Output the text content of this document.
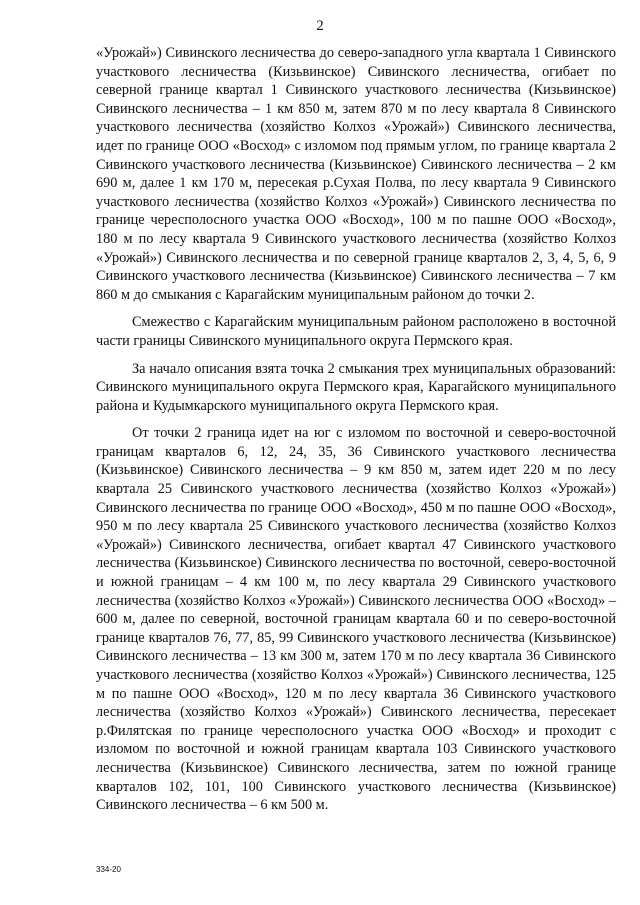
2

«Урожай») Сивинского лесничества до северо-западного угла квартала 1 Сивинского участкового лесничества (Кизьвинское) Сивинского лесничества, огибает по северной границе квартал 1 Сивинского участкового лесничества (Кизьвинское) Сивинского лесничества – 1 км 850 м, затем 870 м по лесу квартала 8 Сивинского участкового лесничества (хозяйство Колхоз «Урожай») Сивинского лесничества, идет по границе ООО «Восход» с изломом под прямым углом, по границе квартала 2 Сивинского участкового лесничества (Кизьвинское) Сивинского лесничества – 2 км 690 м, далее 1 км 170 м, пересекая р.Сухая Полва, по лесу квартала 9 Сивинского участкового лесничества (хозяйство Колхоз «Урожай») Сивинского лесничества по границе чересполосного участка ООО «Восход», 100 м по пашне ООО «Восход», 180 м по лесу квартала 9 Сивинского участкового лесничества (хозяйство Колхоз «Урожай») Сивинского лесничества и по северной границе кварталов 2, 3, 4, 5, 6, 9 Сивинского участкового лесничества (Кизьвинское) Сивинского лесничества – 7 км 860 м до смыкания с Карагайским муниципальным районом до точки 2.

Смежество с Карагайским муниципальным районом расположено в восточной части границы Сивинского муниципального округа Пермского края.

За начало описания взята точка 2 смыкания трех муниципальных образований: Сивинского муниципального округа Пермского края, Карагайского муниципального района и Кудымкарского муниципального округа Пермского края.

От точки 2 граница идет на юг с изломом по восточной и северо-восточной границам кварталов 6, 12, 24, 35, 36 Сивинского участкового лесничества (Кизьвинское) Сивинского лесничества – 9 км 850 м, затем идет 220 м по лесу квартала 25 Сивинского участкового лесничества (хозяйство Колхоз «Урожай») Сивинского лесничества по границе ООО «Восход», 450 м по пашне ООО «Восход», 950 м по лесу квартала 25 Сивинского участкового лесничества (хозяйство Колхоз «Урожай») Сивинского лесничества, огибает квартал 47 Сивинского участкового лесничества (Кизьвинское) Сивинского лесничества по восточной, северо-восточной и южной границам – 4 км 100 м, по лесу квартала 29 Сивинского участкового лесничества (хозяйство Колхоз «Урожай») Сивинского лесничества ООО «Восход» – 600 м, далее по северной, восточной границам квартала 60 и по северо-восточной границе кварталов 76, 77, 85, 99 Сивинского участкового лесничества (Кизьвинское) Сивинского лесничества – 13 км 300 м, затем 170 м по лесу квартала 36 Сивинского участкового лесничества (хозяйство Колхоз «Урожай») Сивинского лесничества, 125 м по пашне ООО «Восход», 120 м по лесу квартала 36 Сивинского участкового лесничества (хозяйство Колхоз «Урожай») Сивинского лесничества, пересекает р.Филятская по границе чересполосного участка ООО «Восход» и проходит с изломом по восточной и южной границам квартала 103 Сивинского участкового лесничества (Кизьвинское) Сивинского лесничества, затем по южной границе кварталов 102, 101, 100 Сивинского участкового лесничества (Кизьвинское) Сивинского лесничества – 6 км 500 м.

334-20
